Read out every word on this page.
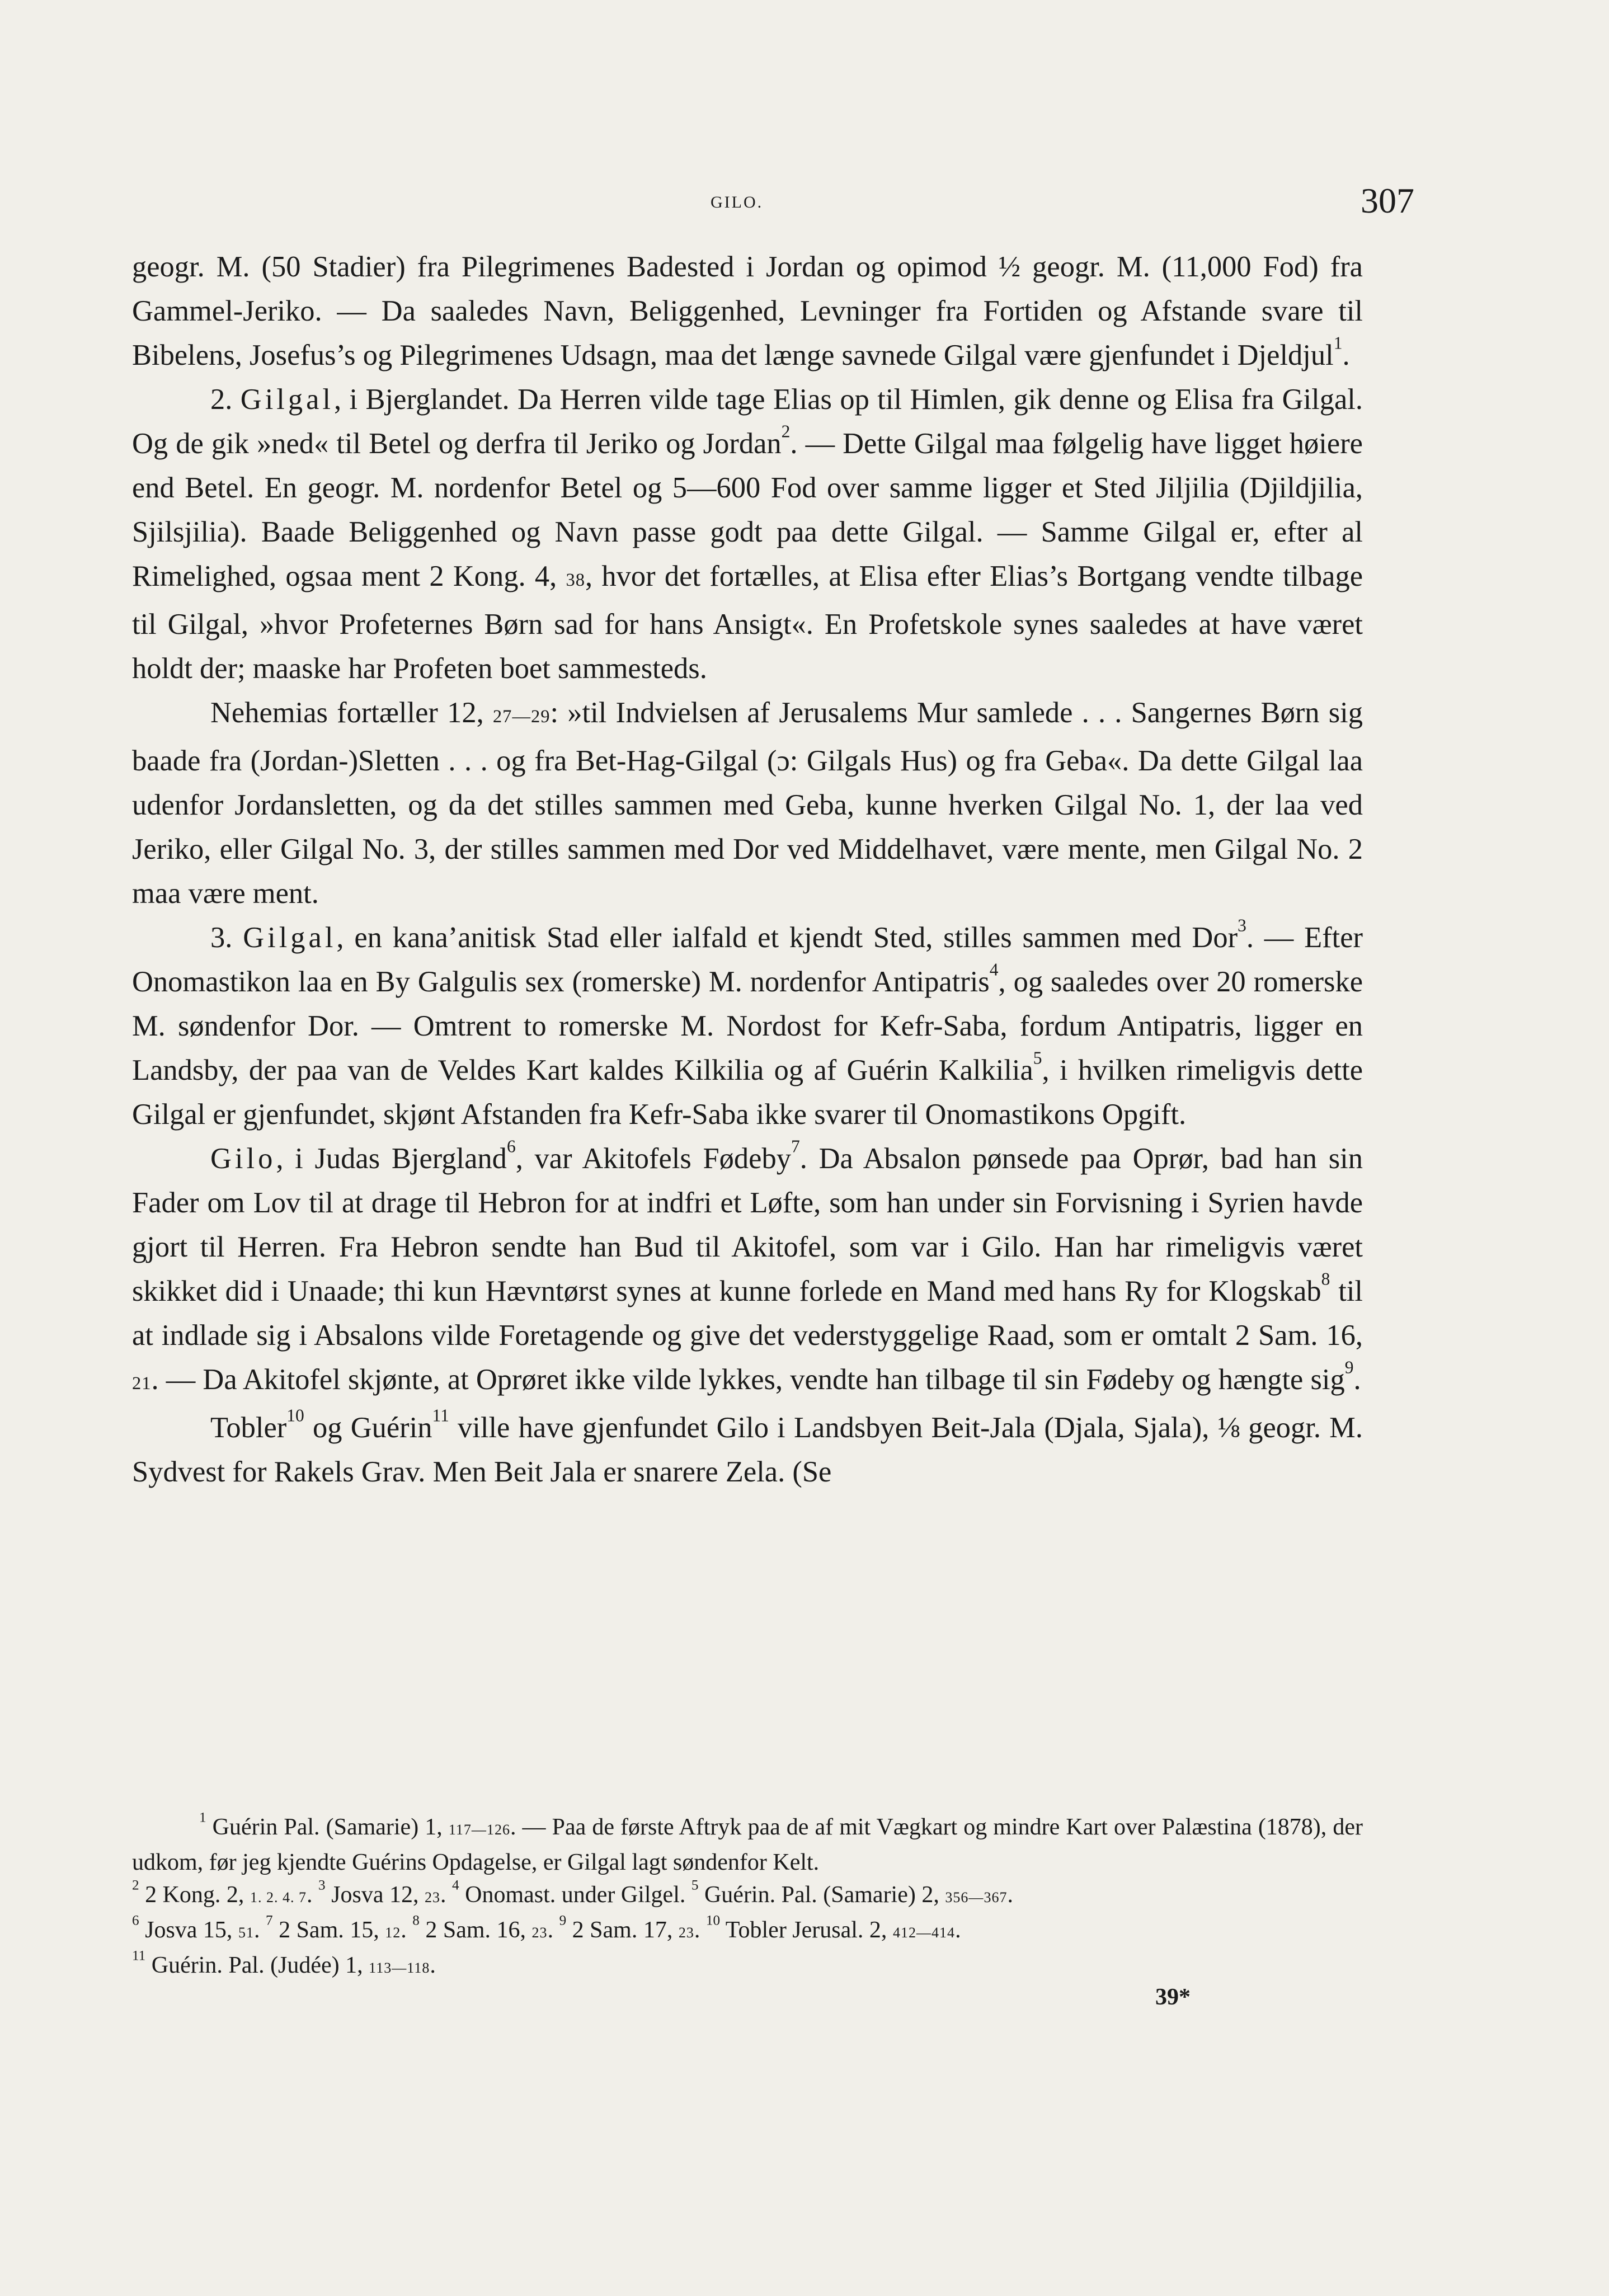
GILO.	307

geogr. M. (50 Stadier) fra Pilegrimenes Badested i Jordan og opimod ½ geogr. M. (11,000 Fod) fra Gammel-Jeriko. — Da saaledes Navn, Beliggenhed, Levninger fra Fortiden og Afstande svare til Bibelens, Josefus’s og Pilegrimenes Udsagn, maa det længe savnede Gilgal være gjenfundet i Djeldjul$^1$.

2. Gilgal, i Bjerglandet. Da Herren vilde tage Elias op til Himlen, gik denne og Elisa fra Gilgal. Og de gik »ned« til Betel og derfra til Jeriko og Jordan$^2$. — Dette Gilgal maa følgelig have ligget høiere end Betel. En geogr. M. nordenfor Betel og 5—600 Fod over samme ligger et Sted Jiljilia (Djildjilia, Sjilsjilia). Baade Beliggenhed og Navn passe godt paa dette Gilgal. — Samme Gilgal er, efter al Rimelighed, ogsaa ment 2 Kong. 4, 38, hvor det fortælles, at Elisa efter Elias’s Bortgang vendte tilbage til Gilgal, »hvor Profeternes Børn sad for hans Ansigt«. En Profetskole synes saaledes at have været holdt der; maaske har Profeten boet sammesteds.

Nehemias fortæller 12, 27—29: »til Indvielsen af Jerusalems Mur samlede . . . Sangernes Børn sig baade fra (Jordan-)Sletten . . . og fra Bet-Hag-Gilgal (ɔ: Gilgals Hus) og fra Geba«. Da dette Gilgal laa udenfor Jordansletten, og da det stilles sammen med Geba, kunne hverken Gilgal No. 1, der laa ved Jeriko, eller Gilgal No. 3, der stilles sammen med Dor ved Middelhavet, være mente, men Gilgal No. 2 maa være ment.

3. Gilgal, en kana’anitisk Stad eller ialfald et kjendt Sted, stilles sammen med Dor$^3$. — Efter Onomastikon laa en By Galgulis sex (romerske) M. nordenfor Antipatris$^4$, og saaledes over 20 romerske M. søndenfor Dor. — Omtrent to romerske M. Nordost for Kefr-Saba, fordum Antipatris, ligger en Landsby, der paa van de Veldes Kart kaldes Kilkilia og af Guérin Kalkilia$^5$, i hvilken rimeligvis dette Gilgal er gjenfundet, skjønt Afstanden fra Kefr-Saba ikke svarer til Onomastikons Opgift.

Gilo, i Judas Bjergland$^6$, var Akitofels Fødeby$^7$. Da Absalon pønsede paa Oprør, bad han sin Fader om Lov til at drage til Hebron for at indfri et Løfte, som han under sin Forvisning i Syrien havde gjort til Herren. Fra Hebron sendte han Bud til Akitofel, som var i Gilo. Han har rimeligvis været skikket did i Unaade; thi kun Hævntørst synes at kunne forlede en Mand med hans Ry for Klogskab$^8$ til at indlade sig i Absalons vilde Foretagende og give det vederstyggelige Raad, som er omtalt 2 Sam. 16, 21. — Da Akitofel skjønte, at Oprøret ikke vilde lykkes, vendte han tilbage til sin Fødeby og hængte sig$^9$.

Tobler$^{10}$ og Guérin$^{11}$ ville have gjenfundet Gilo i Landsbyen Beit-Jala (Djala, Sjala), ⅛ geogr. M. Sydvest for Rakels Grav. Men Beit Jala er snarere Zela. (Se

$^1$ Guérin Pal. (Samarie) 1, 117—126. — Paa de første Aftryk paa de af mit Vægkart og mindre Kart over Palæstina (1878), der udkom, før jeg kjendte Guérins Opdagelse, er Gilgal lagt søndenfor Kelt.

$^2$ 2 Kong. 2, 1. 2. 4. 7. $^3$ Josva 12, 23. $^4$ Onomast. under Gilgel. $^5$ Guérin. Pal. (Samarie) 2, 356—367.

$^6$ Josva 15, 51. $^7$ 2 Sam. 15, 12. $^8$ 2 Sam. 16, 23. $^9$ 2 Sam. 17, 23. $^{10}$ Tobler Jerusal. 2, 412—414.

$^{11}$ Guérin. Pal. (Judée) 1, 113—118.

39*
